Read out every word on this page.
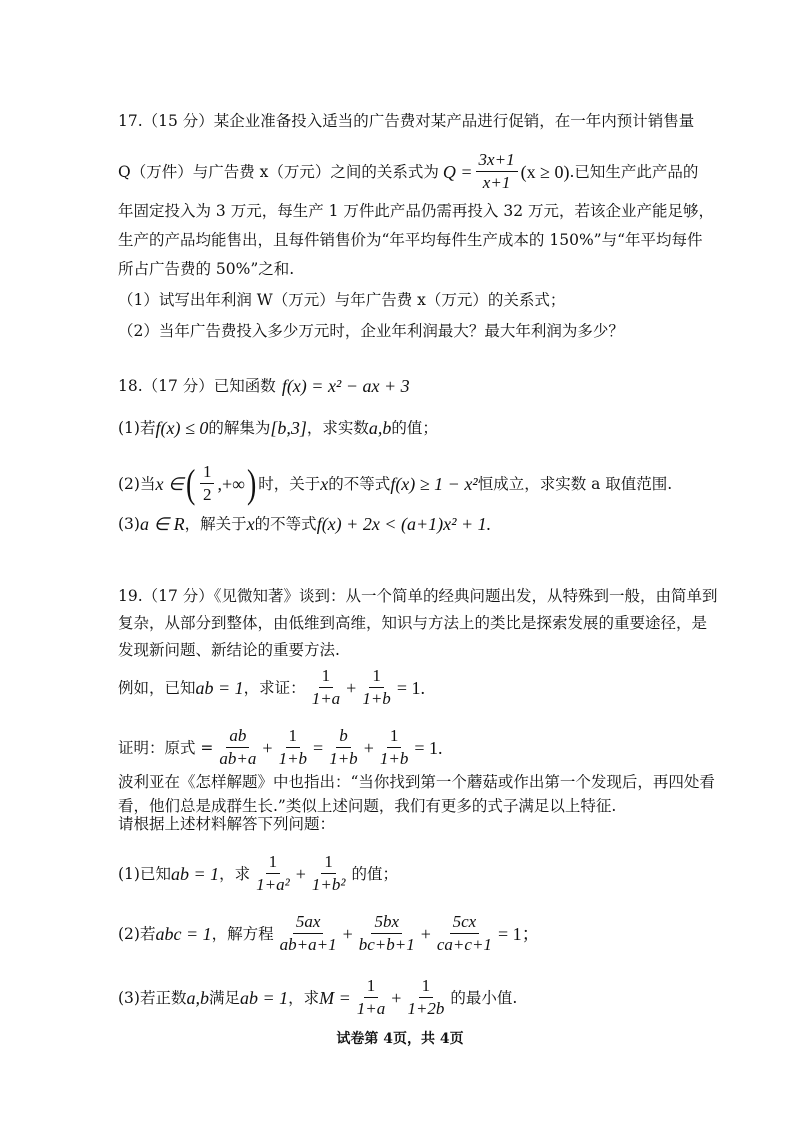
17.（15 分）某企业准备投入适当的广告费对某产品进行促销，在一年内预计销售量
Q（万件）与广告费 x（万元）之间的关系式为 $Q = \frac{3x+1}{x+1} (x \ge 0)$ .已知生产此产品的
年固定投入为 3 万元，每生产 1 万件此产品仍需再投入 32 万元，若该企业产能足够，
生产的产品均能售出，且每件销售价为“年平均每件生产成本的 150%”与“年平均每件
所占广告费的 50%”之和.
（1）试写出年利润 W（万元）与年广告费 x（万元）的关系式；
（2）当年广告费投入多少万元时，企业年利润最大？最大年利润为多少？
18.（17 分）已知函数 f(x) = x² − ax + 3
(1)若 f(x) ≤ 0 的解集为 [b,3] ，求实数 a,b 的值；
(2)当 x ∈ ( $\frac{1}{2}$ ,+∞ ) 时，关于 x 的不等式 f(x) ≥ 1 − x² 恒成立，求实数 a 取值范围.
(3) a ∈ R ，解关于 x 的不等式 f(x) + 2x < (a+1)x² + 1.
19.（17 分）《见微知著》谈到：从一个简单的经典问题出发，从特殊到一般，由简单到复杂，从部分到整体，由低维到高维，知识与方法上的类比是探索发展的重要途径，是发现新问题、新结论的重要方法.
例如，已知 ab = 1 ，求证： $\frac{1}{1+a} + \frac{1}{1+b} = 1$.
证明：原式 = $\frac{ab}{ab+a} + \frac{1}{1+b} = \frac{b}{1+b} + \frac{1}{1+b} = 1$.
波利亚在《怎样解题》中也指出：“当你找到第一个蘑菇或作出第一个发现后，再四处看看，他们总是成群生长.”类似上述问题，我们有更多的式子满足以上特征.
请根据上述材料解答下列问题：
(1)已知 ab = 1 ，求 $\frac{1}{\text{1+a²}} + \frac{1}{\text{1+b²}}$ 的值；
(2)若 abc = 1 ，解方程 $\frac{5ax}{ab+a+1} + \frac{5bx}{bc+b+1} + \frac{5cx}{ca+c+1} = 1$；
(3)若正数 a,b 满足 ab = 1 ，求 $M = \frac{1}{1+a} + \frac{1}{1+2b}$ 的最小值.
试卷第 4页，共 4页
